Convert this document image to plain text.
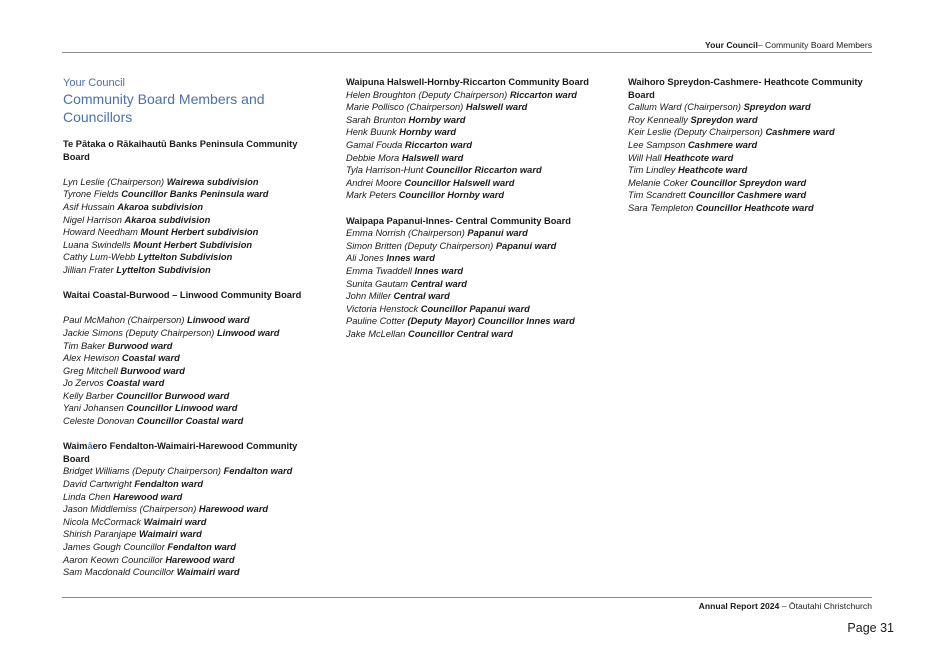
Your Council– Community Board Members
Your Council
Community Board Members and Councillors
Te Pātaka o Rākaihautū Banks Peninsula Community Board
Lyn Leslie (Chairperson) Wairewa subdivision
Tyrone Fields Councillor Banks Peninsula ward
Asif Hussain Akaroa subdivision
Nigel Harrison Akaroa subdivision
Howard Needham Mount Herbert subdivision
Luana Swindells Mount Herbert Subdivision
Cathy Lum-Webb Lyttelton Subdivision
Jillian Frater Lyttelton Subdivision
Waitai Coastal-Burwood – Linwood Community Board
Paul McMahon (Chairperson) Linwood ward
Jackie Simons (Deputy Chairperson) Linwood ward
Tim Baker Burwood ward
Alex Hewison Coastal ward
Greg Mitchell Burwood ward
Jo Zervos Coastal ward
Kelly Barber Councillor Burwood ward
Yani Johansen Councillor Linwood ward
Celeste Donovan Councillor Coastal ward
Waimāero Fendalton-Waimairi-Harewood Community Board
Bridget Williams (Deputy Chairperson) Fendalton ward
David Cartwright Fendalton ward
Linda Chen Harewood ward
Jason Middlemiss (Chairperson) Harewood ward
Nicola McCormack Waimairi ward
Shirish Paranjape Waimairi ward
James Gough Councillor Fendalton ward
Aaron Keown Councillor Harewood ward
Sam Macdonald Councillor Waimairi ward
Waipuna Halswell-Hornby-Riccarton Community Board
Helen Broughton (Deputy Chairperson) Riccarton ward
Marie Pollisco (Chairperson) Halswell ward
Sarah Brunton Hornby ward
Henk Buunk Hornby ward
Gamal Fouda Riccarton ward
Debbie Mora Halswell ward
Tyla Harrison-Hunt Councillor Riccarton ward
Andrei Moore Councillor Halswell ward
Mark Peters Councillor Hornby ward
Waipapa Papanui-Innes- Central Community Board
Emma Norrish (Chairperson) Papanui ward
Simon Britten (Deputy Chairperson) Papanui ward
Ali Jones Innes ward
Emma Twaddell Innes ward
Sunita Gautam Central ward
John Miller Central ward
Victoria Henstock Councillor Papanui ward
Pauline Cotter (Deputy Mayor) Councillor Innes ward
Jake McLellan Councillor Central ward
Waihoro Spreydon-Cashmere- Heathcote Community Board
Callum Ward (Chairperson) Spreydon ward
Roy Kenneally Spreydon ward
Keir Leslie (Deputy Chairperson) Cashmere ward
Lee Sampson Cashmere ward
Will Hall Heathcote ward
Tim Lindley Heathcote ward
Melanie Coker Councillor Spreydon ward
Tim Scandrett Councillor Cashmere ward
Sara Templeton Councillor Heathcote ward
Annual Report 2024 – Ōtautahi Christchurch
Page 31
